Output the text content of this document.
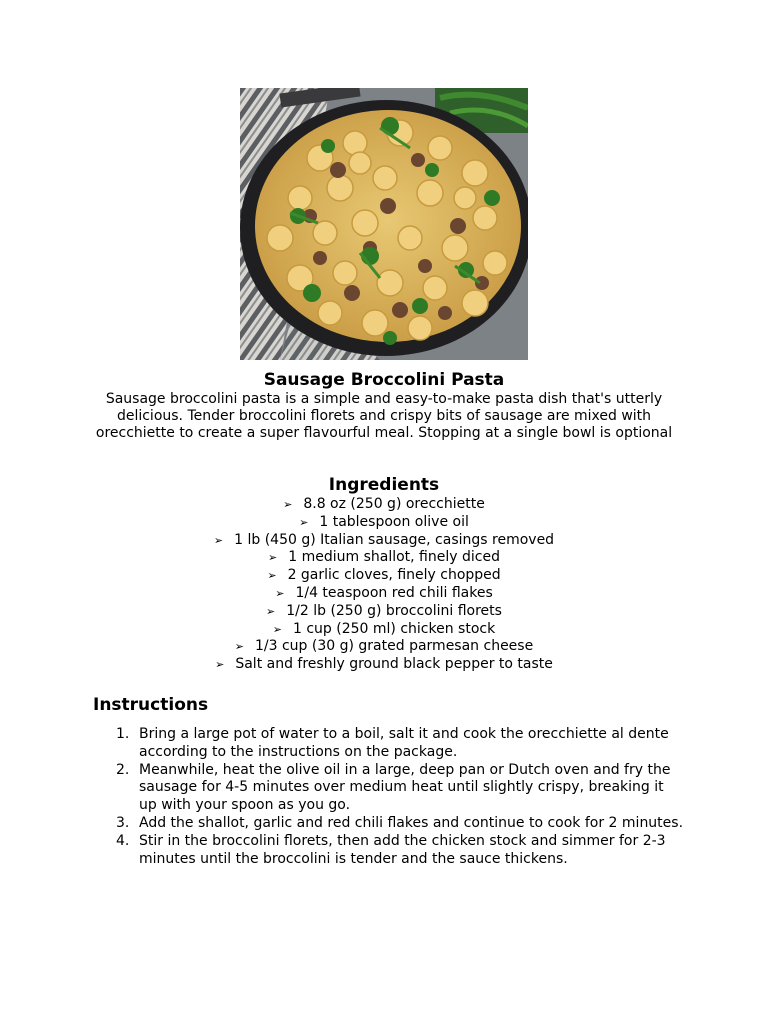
Sausage Broccolini Pasta
Sausage broccolini pasta is a simple and easy-to-make pasta dish that's utterly delicious. Tender broccolini florets and crispy bits of sausage are mixed with orecchiette to create a super flavourful meal. Stopping at a single bowl is optional
Ingredients
➢ 8.8 oz (250 g) orecchiette
➢ 1 tablespoon olive oil
➢ 1 lb (450 g) Italian sausage, casings removed
➢ 1 medium shallot, finely diced
➢ 2 garlic cloves, finely chopped
➢ 1/4 teaspoon red chili flakes
➢ 1/2 lb (250 g) broccolini florets
➢ 1 cup (250 ml) chicken stock
➢ 1/3 cup (30 g) grated parmesan cheese
➢ Salt and freshly ground black pepper to taste
Instructions
1. Bring a large pot of water to a boil, salt it and cook the orecchiette al dente according to the instructions on the package.
2. Meanwhile, heat the olive oil in a large, deep pan or Dutch oven and fry the sausage for 4-5 minutes over medium heat until slightly crispy, breaking it up with your spoon as you go.
3. Add the shallot, garlic and red chili flakes and continue to cook for 2 minutes.
4. Stir in the broccolini florets, then add the chicken stock and simmer for 2-3 minutes until the broccolini is tender and the sauce thickens.
